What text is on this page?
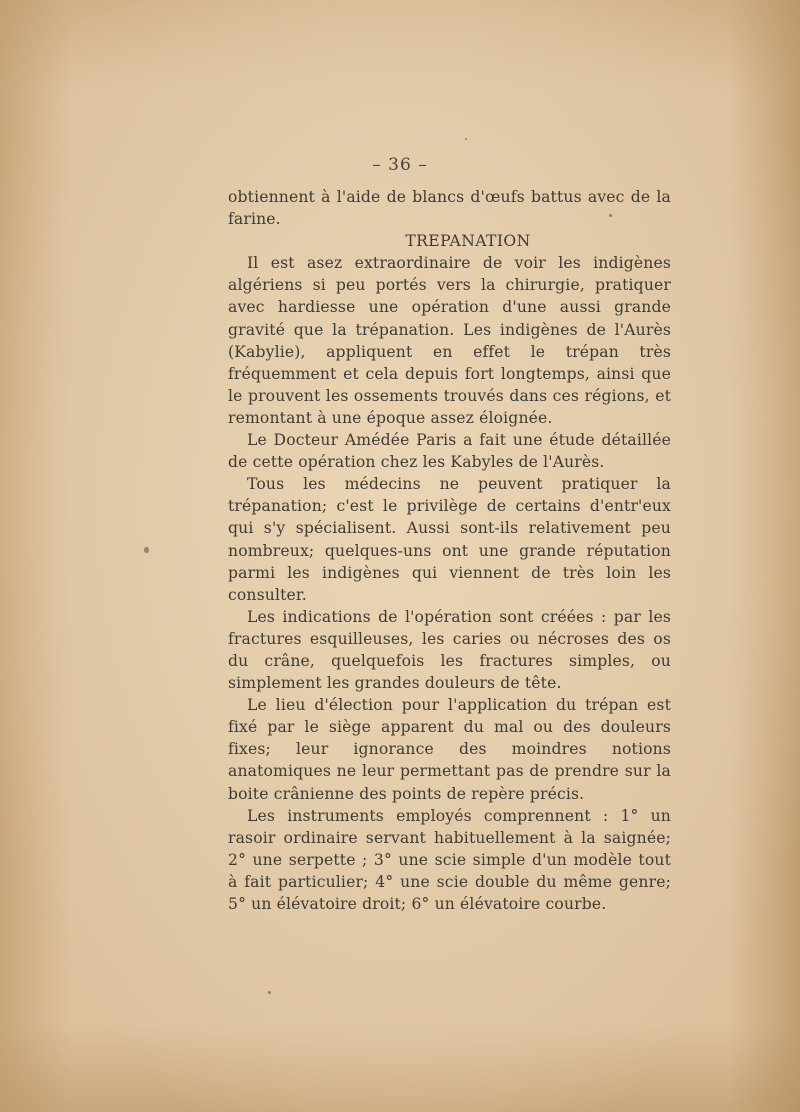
– 36 –

obtiennent à l'aide de blancs d'œufs battus avec de la farine.

TREPANATION

Il est asez extraordinaire de voir les indigènes algériens si peu portés vers la chirurgie, pratiquer avec hardiesse une opération d'une aussi grande gravité que la trépanation. Les indigènes de l'Aurès (Kabylie), appliquent en effet le trépan très fréquemment et cela depuis fort longtemps, ainsi que le prouvent les ossements trouvés dans ces régions, et remontant à une époque assez éloignée.

Le Docteur Amédée Paris a fait une étude détaillée de cette opération chez les Kabyles de l'Aurès.

Tous les médecins ne peuvent pratiquer la trépanation; c'est le privilège de certains d'entr'eux qui s'y spécialisent. Aussi sont-ils relativement peu nombreux; quelques-uns ont une grande réputation parmi les indigènes qui viennent de très loin les consulter.

Les indications de l'opération sont créées : par les fractures esquilleuses, les caries ou nécroses des os du crâne, quelquefois les fractures simples, ou simplement les grandes douleurs de tête.

Le lieu d'élection pour l'application du trépan est fixé par le siège apparent du mal ou des douleurs fixes; leur ignorance des moindres notions anatomiques ne leur permettant pas de prendre sur la boite crânienne des points de repère précis.

Les instruments employés comprennent : 1° un rasoir ordinaire servant habituellement à la saignée; 2° une serpette ; 3° une scie simple d'un modèle tout à fait particulier; 4° une scie double du même genre; 5° un élévatoire droit; 6° un élévatoire courbe.
